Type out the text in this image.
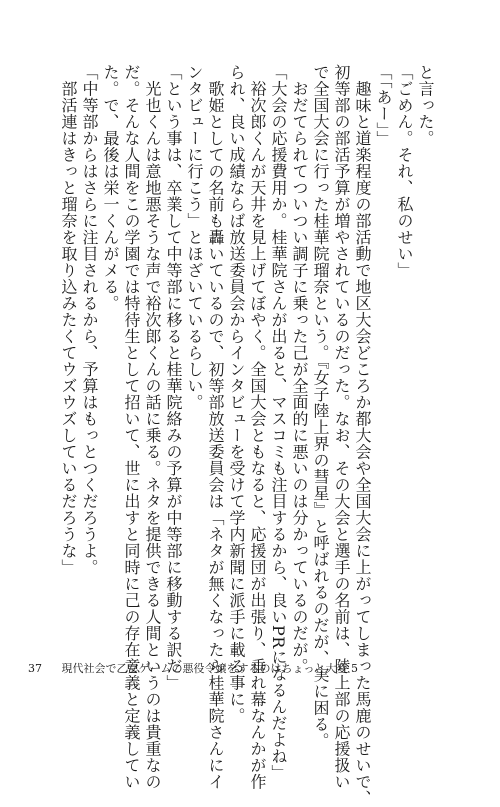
と言った。
「ごめん。それ、私のせい」
「「あー」」
　趣味と道楽程度の部活動で地区大会どころか都大会や全国大会に上がってしまった馬鹿のせいで、
初等部の部活予算が増やされているのだった。なお、その大会と選手の名前は、陸上部の応援扱い
で全国大会に行った桂華院瑠奈という。『女子陸上界の彗星』と呼ばれるのだが、実に困る。
　おだてられてついつい調子に乗った己が全面的に悪いのは分かっているのだが。
「大会の応援費用か。桂華院さんが出ると、マスコミも注目するから、良いPRになるんだよね」
　裕次郎くんが天井を見上げてぼやく。全国大会ともなると、応援団が出張り、垂れ幕なんかが作
られ、良い成績ならば放送委員会からインタビューを受けて学内新聞に派手に載る事に。
　歌姫としての名前も轟いているので、初等部放送委員会は「ネタが無くなったら桂華院さんにイ
ンタビューに行こう」とほざいているらしい。
「という事は、卒業して中等部に移ると桂華院絡みの予算が中等部に移動する訳だ」
　光也くんは意地悪そうな声で裕次郎くんの話に乗る。ネタを提供できる人間というのは貴重なの
だ。そんな人間をこの学園では特待生として招いて、世に出すと同時に己の存在意義と定義してい
た。で、最後は栄一くんがメる。
「中等部からはさらに注目されるから、予算はもっとつくだろうよ。
　部活連はきっと瑠奈を取り込みたくてウズウズしているだろうな」
37 現代社会で乙女ゲームの悪役令嬢をするのはちょっと大変 5
